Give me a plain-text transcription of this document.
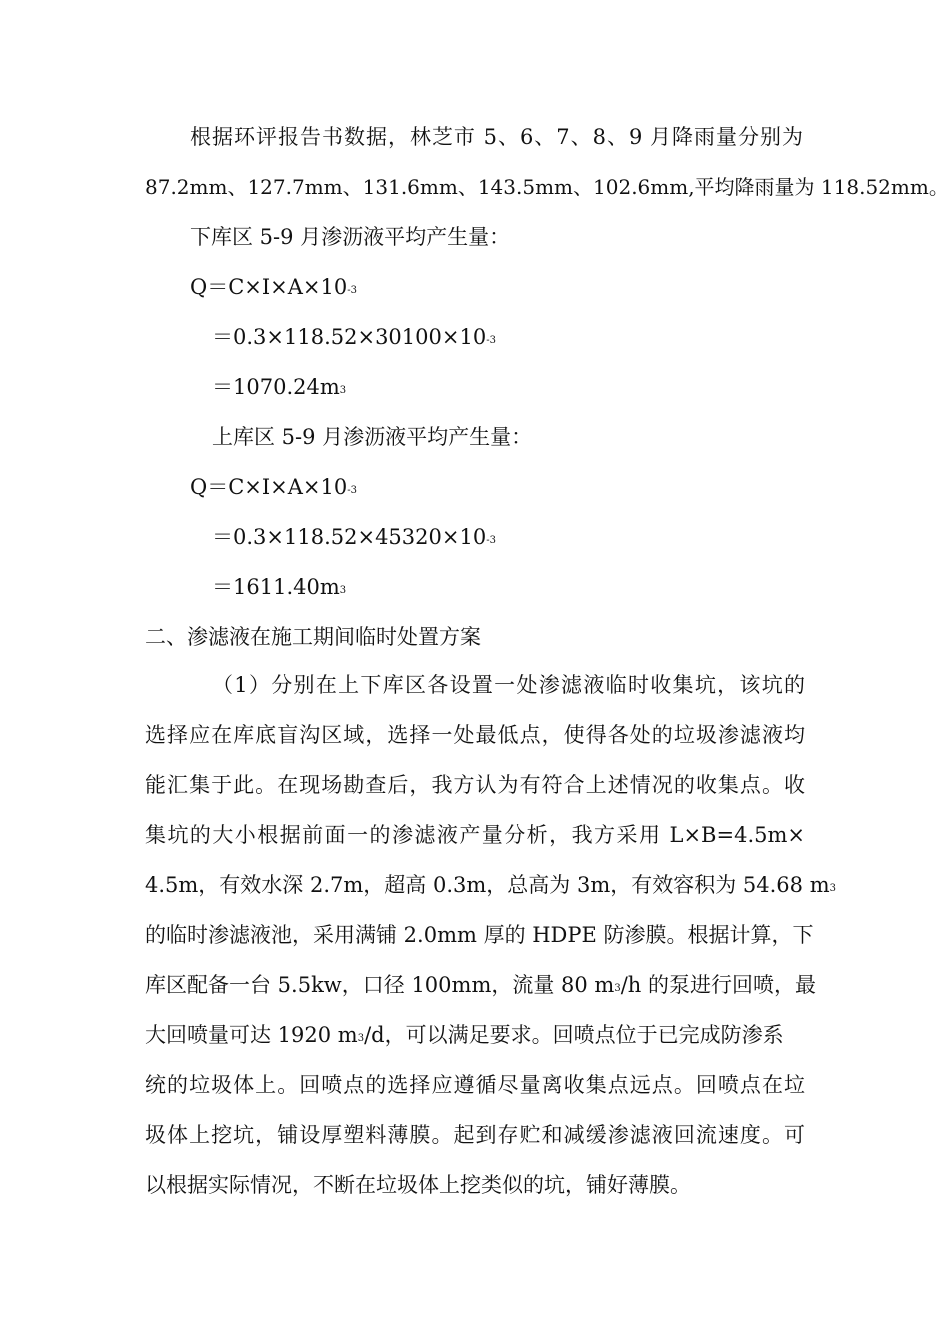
根据环评报告书数据，林芝市 5、6、7、8、9 月降雨量分别为
87.2mm、127.7mm、131.6mm、143.5mm、102.6mm,平均降雨量为 118.52mm。
下库区 5-9 月渗沥液平均产生量：
Q＝C×I×A×10-3
＝0.3×118.52×30100×10-3
＝1070.24m3
上库区 5-9 月渗沥液平均产生量：
Q＝C×I×A×10-3
＝0.3×118.52×45320×10-3
＝1611.40m3
二、渗滤液在施工期间临时处置方案
（1）分别在上下库区各设置一处渗滤液临时收集坑，该坑的
选择应在库底盲沟区域，选择一处最低点，使得各处的垃圾渗滤液均
能汇集于此。在现场勘查后，我方认为有符合上述情况的收集点。收
集坑的大小根据前面一的渗滤液产量分析，我方采用 L×B=4.5m×
4.5m，有效水深 2.7m，超高 0.3m，总高为 3m，有效容积为 54.68 m3
的临时渗滤液池，采用满铺 2.0mm 厚的 HDPE 防渗膜。根据计算，下
库区配备一台 5.5kw，口径 100mm，流量 80 m3/h 的泵进行回喷，最
大回喷量可达 1920 m3/d，可以满足要求。回喷点位于已完成防渗系
统的垃圾体上。回喷点的选择应遵循尽量离收集点远点。回喷点在垃
圾体上挖坑，铺设厚塑料薄膜。起到存贮和减缓渗滤液回流速度。可
以根据实际情况，不断在垃圾体上挖类似的坑，铺好薄膜。
